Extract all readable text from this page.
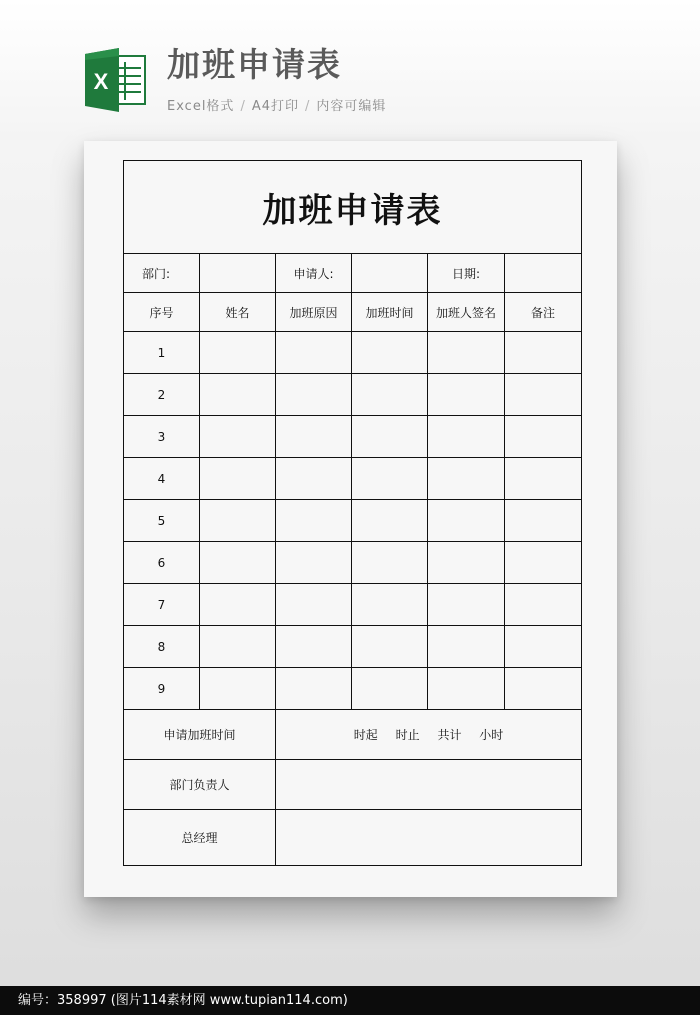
X 加班申请表
Excel格式 / A4打印 / 内容可编辑
加班申请表					
部门:		申请人:		日期:	
序号	姓名	加班原因	加班时间	加班人签名	备注
1					
2					
3					
4					
5					
6					
7					
8					
9					
申请加班时间		时起 时止 共计 小时			
部门负责人					
总经理					
编号：358997 (图片114素材网 www.tupian114.com)
